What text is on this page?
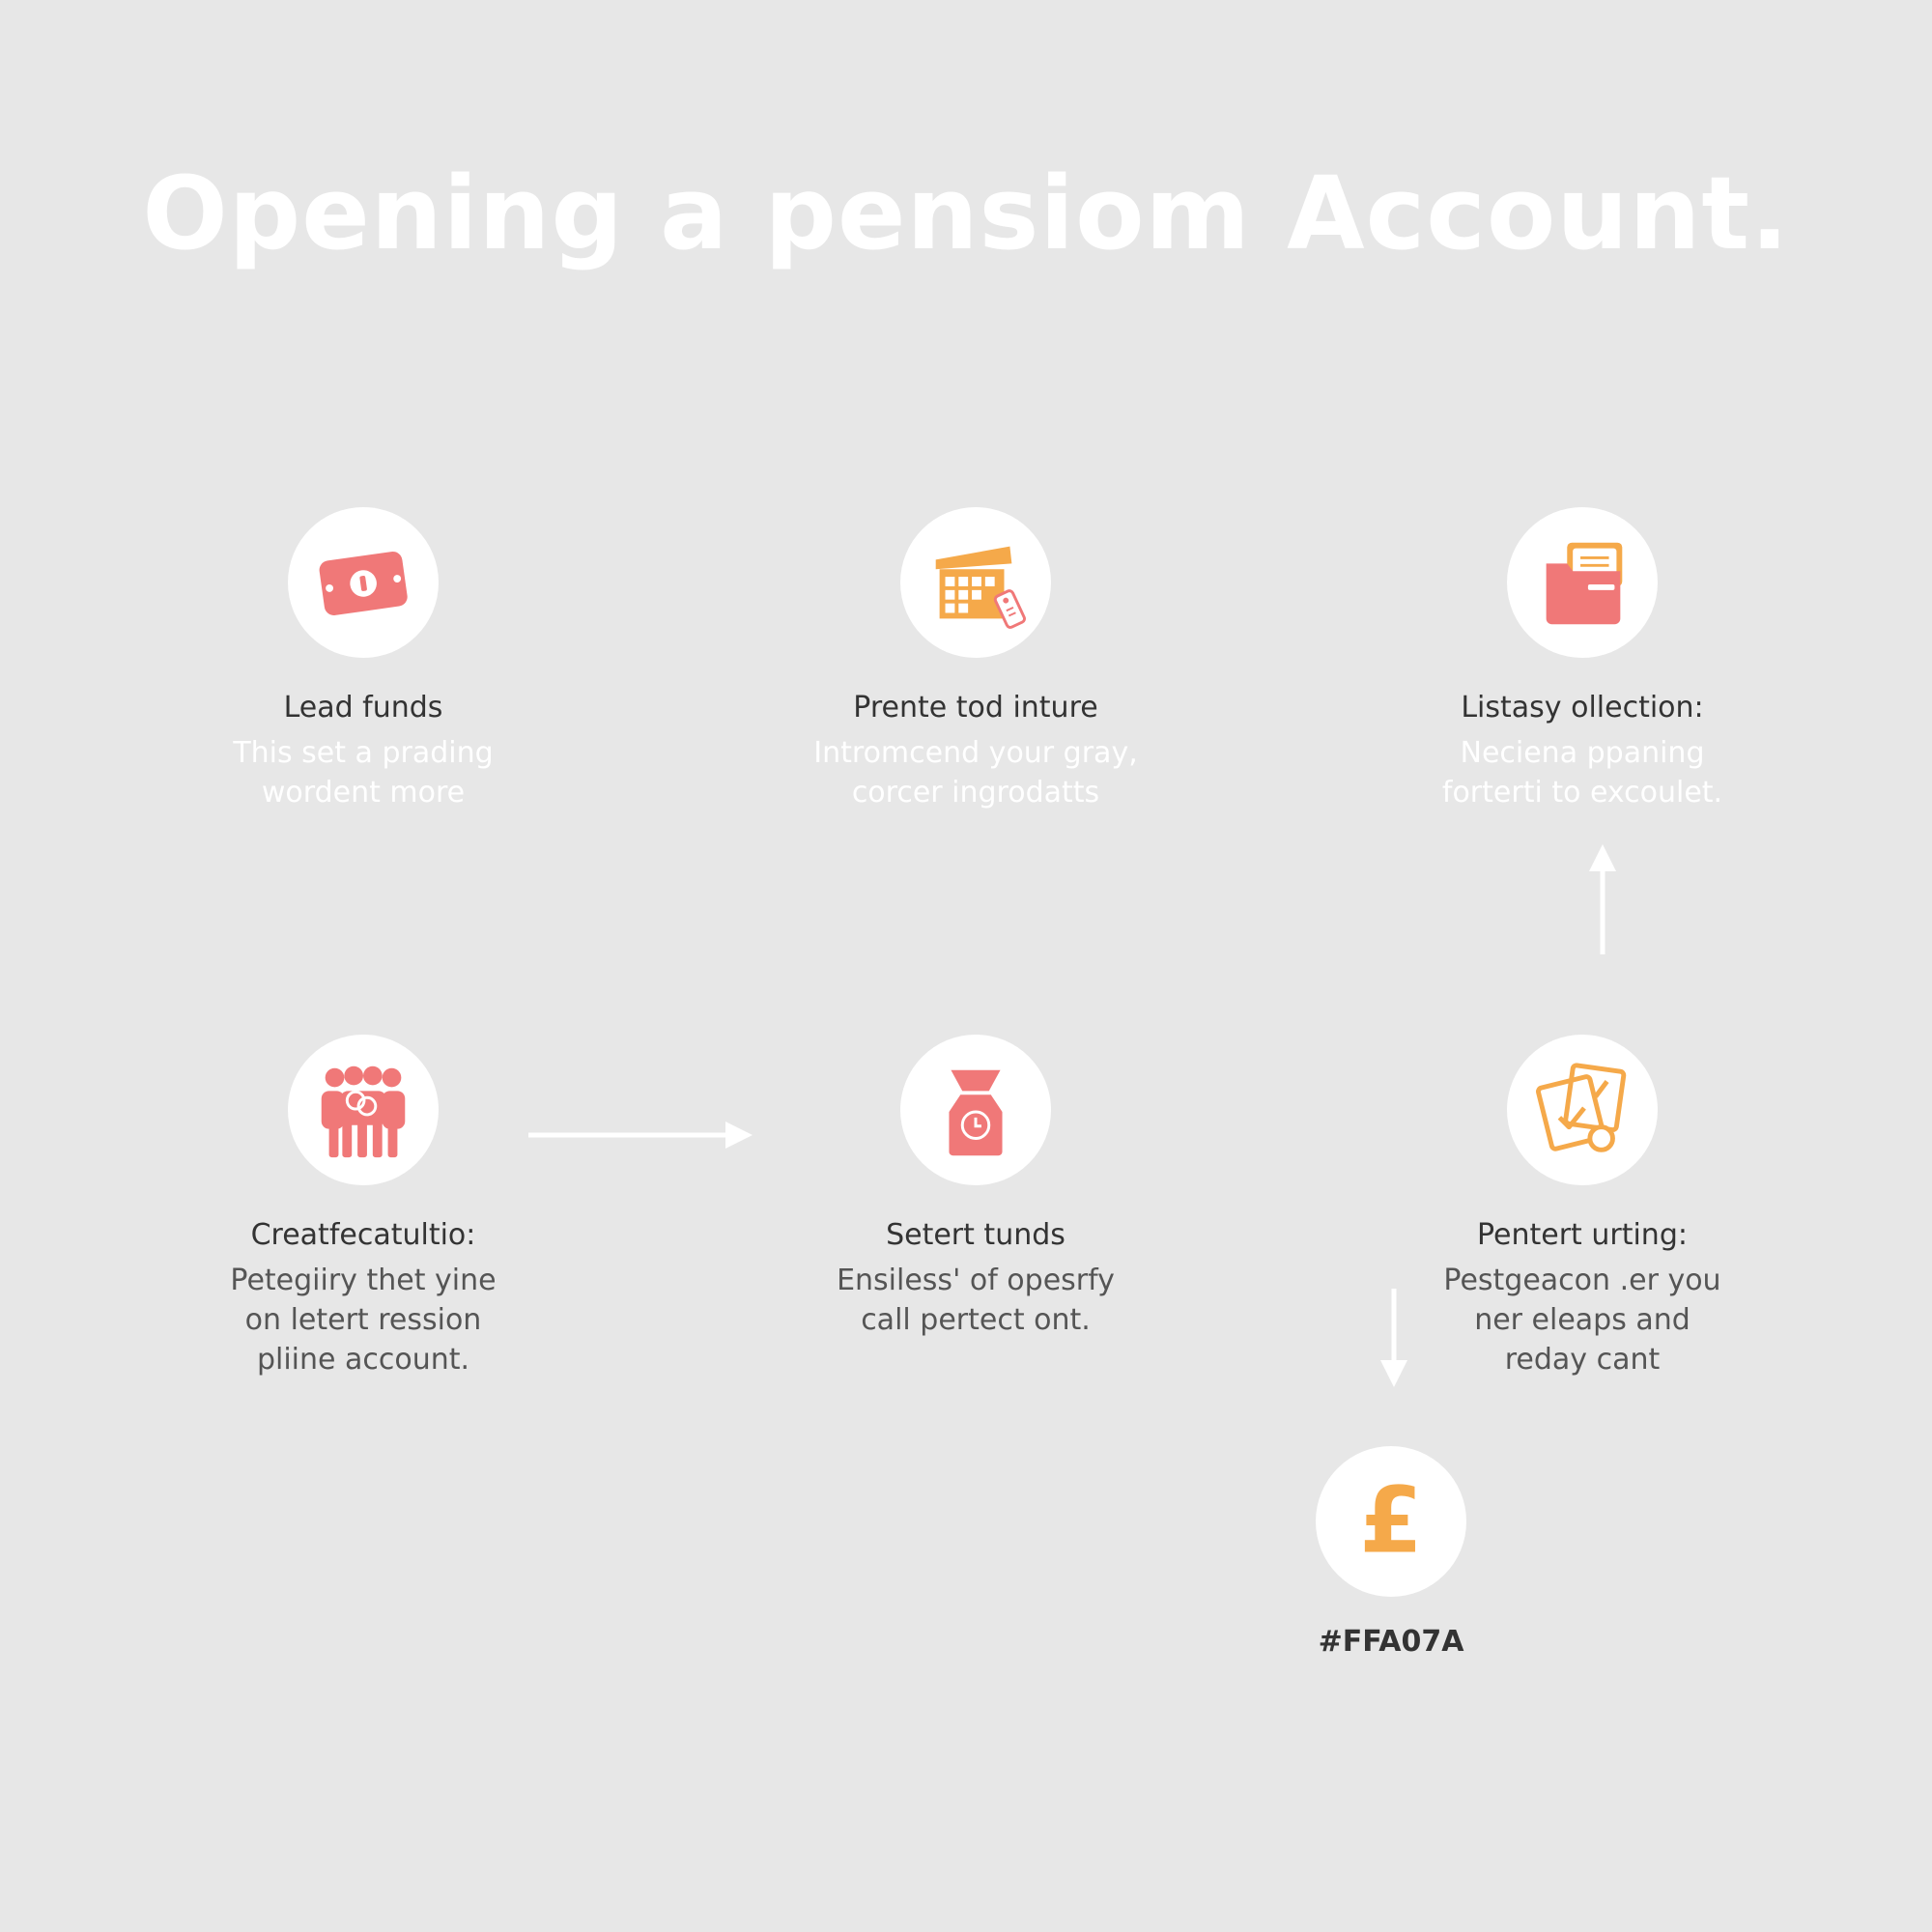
Opening a pensiom Account.
Lead funds
This set a prading
wordent more
Prente tod inture
Intromcend your gray,
corcer ingrodatts
Listasy ollection:
Neciena ppaning
forterti to excoulet.
Creatfecatultio:
Petegiiry thet yine
on letert ression
pliine account.
Setert tunds
Ensiless' of opesrfy
call pertect ont.
Pentert urting:
Pestgeacon .er you
ner eleaps and
reday cant
£
#FFA07A
